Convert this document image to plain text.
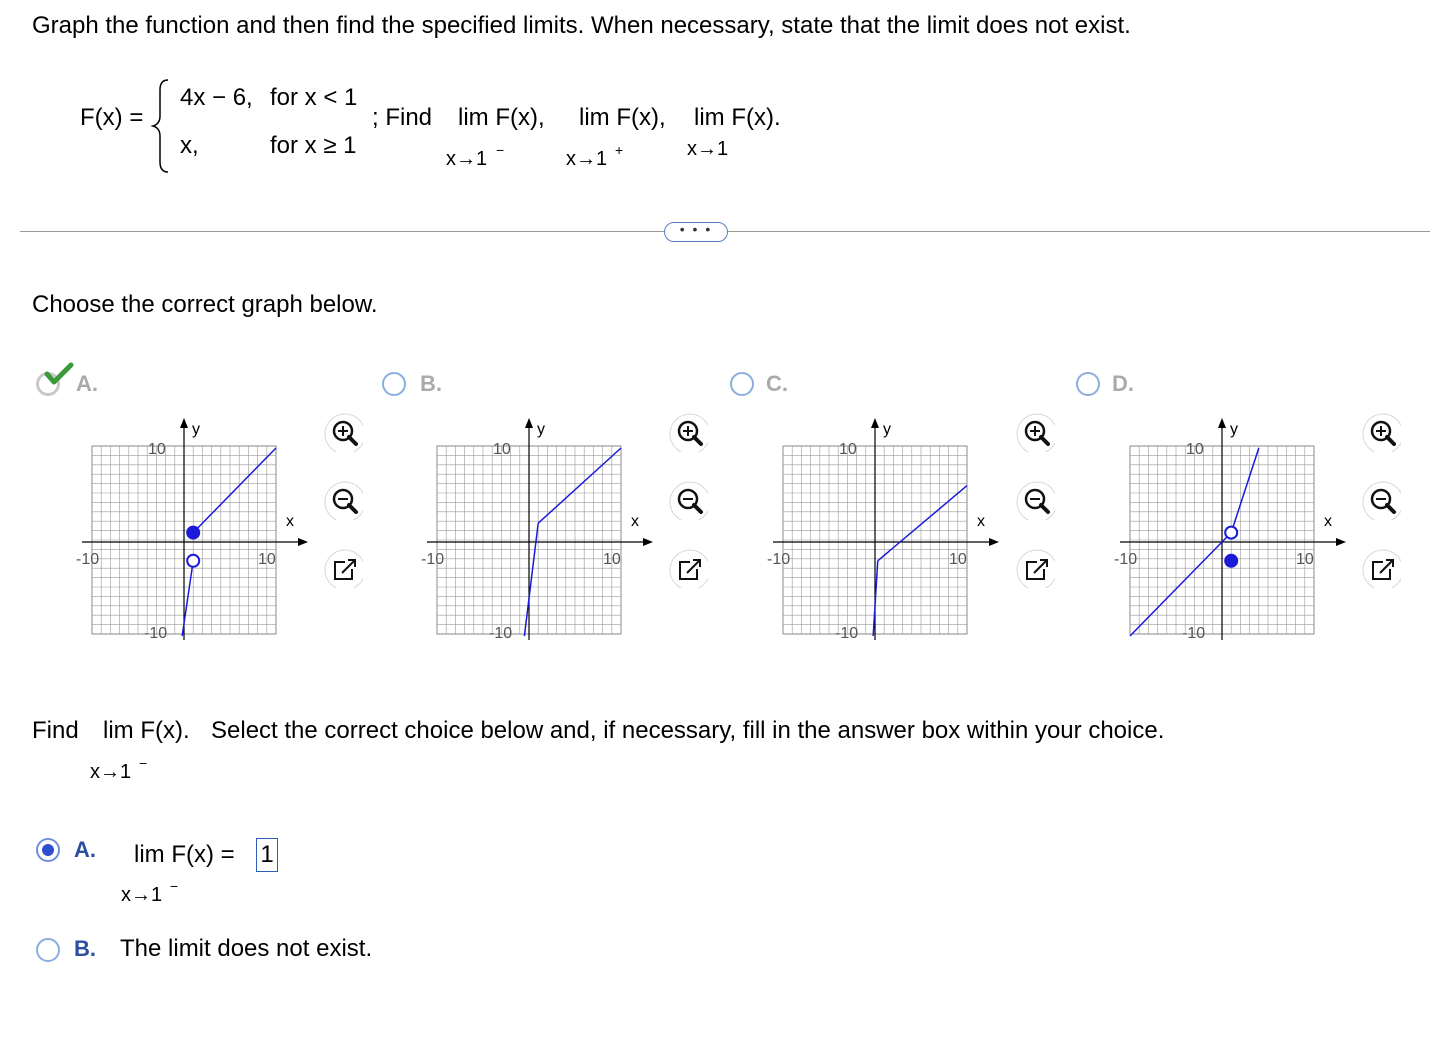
Graph the function and then find the specified limits. When necessary, state that the limit does not exist.
F(x) =
4x − 6, for x < 1
x,	for x ≥ 1
; Find lim F(x),
x→1 −
lim F(x),
x→1 +
lim F(x).
x→1
• • •
Choose the correct graph below.
A.	B.	C.	D.
y
x
10
-10
-10	10
y
x
10
-10
-10	10
y
x
10
-10
-10	10
y
x
10
-10
-10	10
Find lim F(x).
x→1 −
Select the correct choice below and, if necessary, fill in the answer box within your choice.
A. lim F(x) =
x→1 −
1
B. The limit does not exist.
